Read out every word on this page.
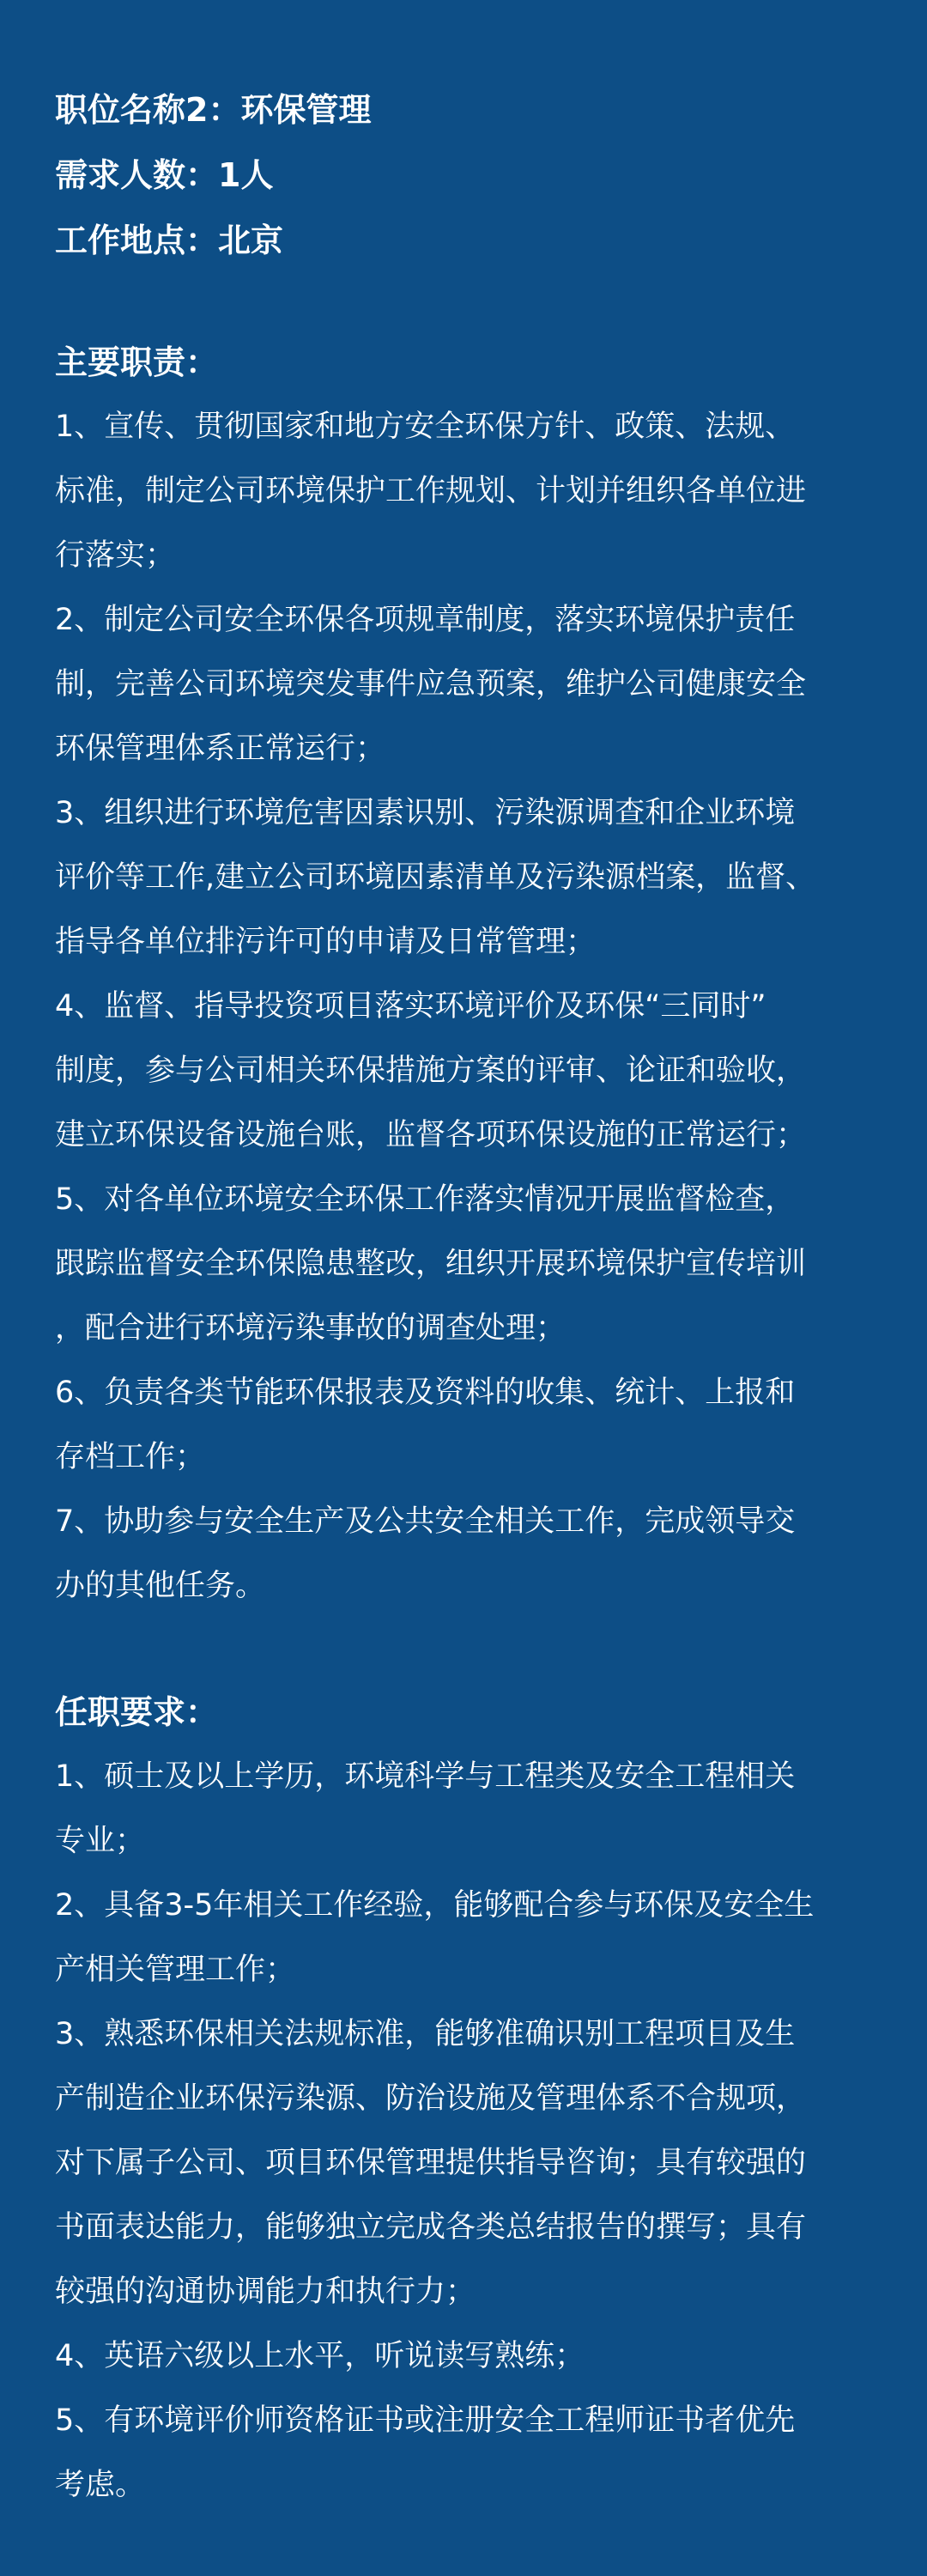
职位名称2：环保管理
需求人数：1人
工作地点：北京
主要职责：
1、宣传、贯彻国家和地方安全环保方针、政策、法规、
标准，制定公司环境保护工作规划、计划并组织各单位进
行落实；
2、制定公司安全环保各项规章制度，落实环境保护责任
制，完善公司环境突发事件应急预案，维护公司健康安全
环保管理体系正常运行；
3、组织进行环境危害因素识别、污染源调查和企业环境
评价等工作,建立公司环境因素清单及污染源档案，监督、
指导各单位排污许可的申请及日常管理；
4、监督、指导投资项目落实环境评价及环保“三同时”
制度，参与公司相关环保措施方案的评审、论证和验收，
建立环保设备设施台账，监督各项环保设施的正常运行；
5、对各单位环境安全环保工作落实情况开展监督检查，
跟踪监督安全环保隐患整改，组织开展环境保护宣传培训
，配合进行环境污染事故的调查处理；
6、负责各类节能环保报表及资料的收集、统计、上报和
存档工作；
7、协助参与安全生产及公共安全相关工作，完成领导交
办的其他任务。
任职要求：
1、硕士及以上学历，环境科学与工程类及安全工程相关
专业；
2、具备3-5年相关工作经验，能够配合参与环保及安全生
产相关管理工作；
3、熟悉环保相关法规标准，能够准确识别工程项目及生
产制造企业环保污染源、防治设施及管理体系不合规项，
对下属子公司、项目环保管理提供指导咨询；具有较强的
书面表达能力，能够独立完成各类总结报告的撰写；具有
较强的沟通协调能力和执行力；
4、英语六级以上水平，听说读写熟练；
5、有环境评价师资格证书或注册安全工程师证书者优先
考虑。
